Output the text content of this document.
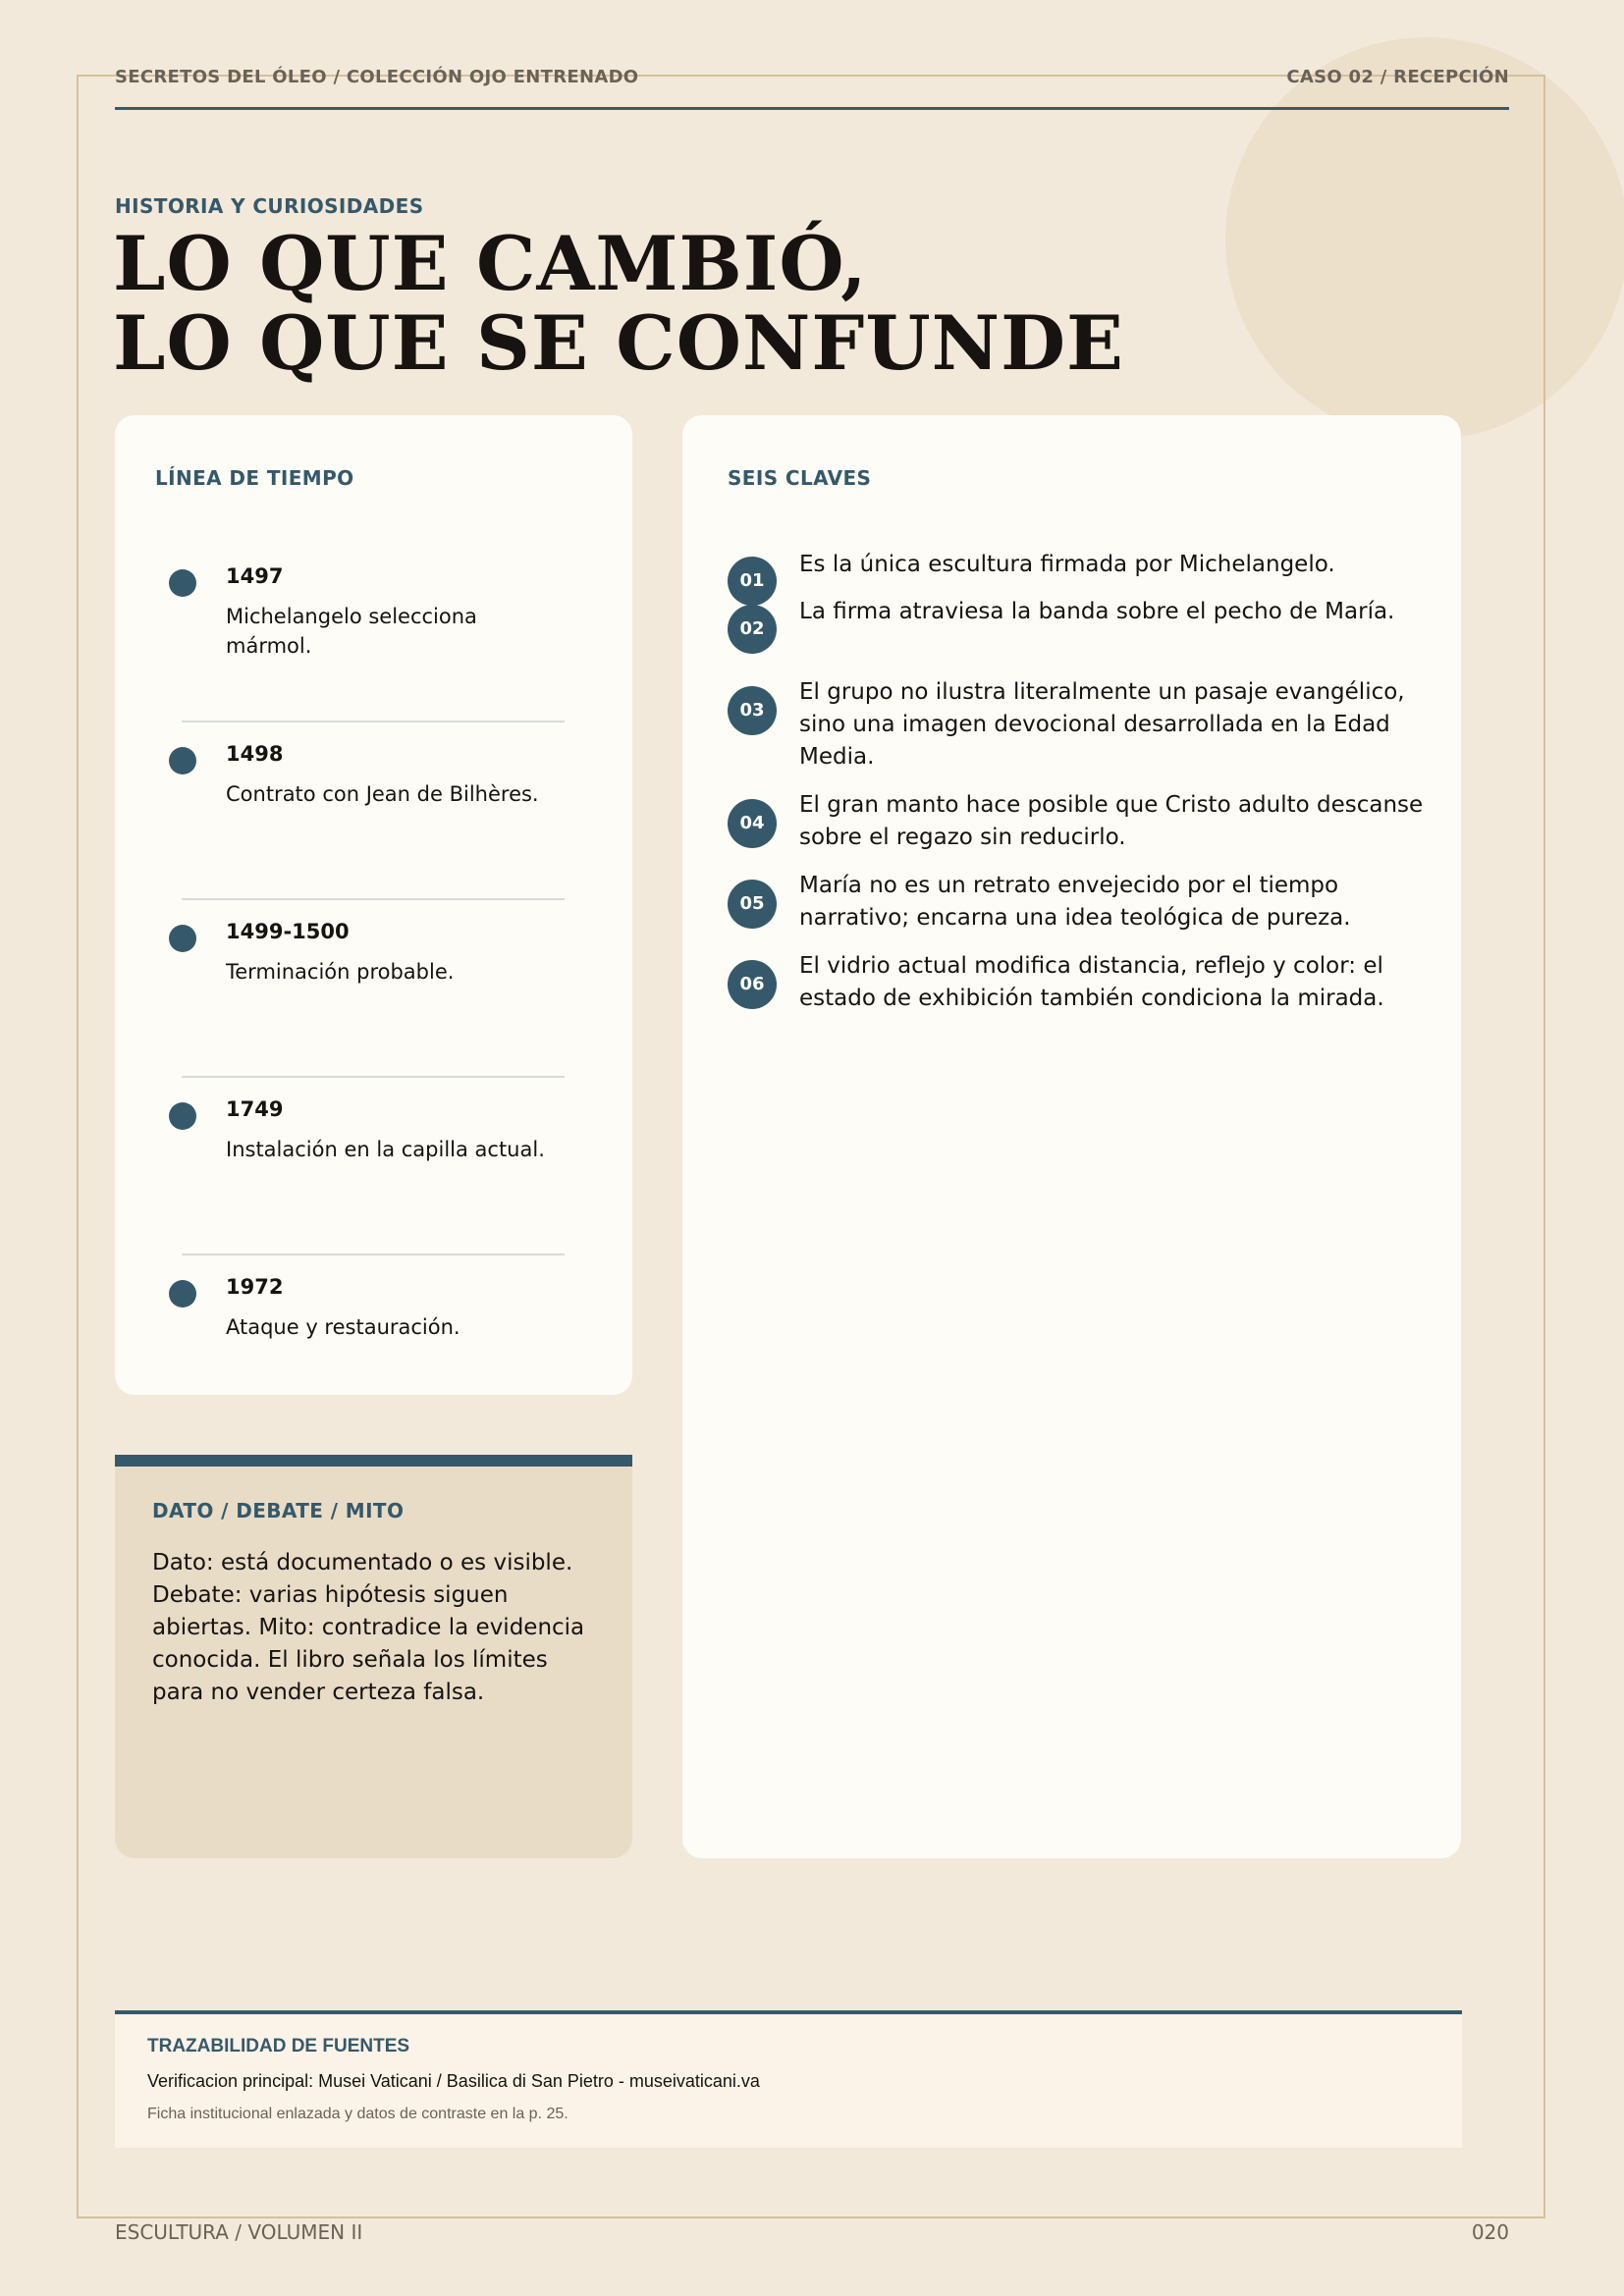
SECRETOS DEL ÓLEO / COLECCIÓN OJO ENTRENADO	CASO 02 / RECEPCIÓN
HISTORIA Y CURIOSIDADES
LO QUE CAMBIÓ,
LO QUE SE CONFUNDE
LÍNEA DE TIEMPO
1497
Michelangelo selecciona mármol.
1498
Contrato con Jean de Bilhères.
1499-1500
Terminación probable.
1749
Instalación en la capilla actual.
1972
Ataque y restauración.
SEIS CLAVES
01
Es la única escultura firmada por Michelangelo.
02
La firma atraviesa la banda sobre el pecho de María.
03
El grupo no ilustra literalmente un pasaje evangélico, sino una imagen devocional desarrollada en la Edad Media.
04
El gran manto hace posible que Cristo adulto descanse sobre el regazo sin reducirlo.
05
María no es un retrato envejecido por el tiempo narrativo; encarna una idea teológica de pureza.
06
El vidrio actual modifica distancia, reflejo y color: el estado de exhibición también condiciona la mirada.
DATO / DEBATE / MITO
Dato: está documentado o es visible. Debate: varias hipótesis siguen abiertas. Mito: contradice la evidencia conocida. El libro señala los límites para no vender certeza falsa.
TRAZABILIDAD DE FUENTES
Verificacion principal: Musei Vaticani / Basilica di San Pietro - museivaticani.va
Ficha institucional enlazada y datos de contraste en la p. 25.
ESCULTURA / VOLUMEN II	020
